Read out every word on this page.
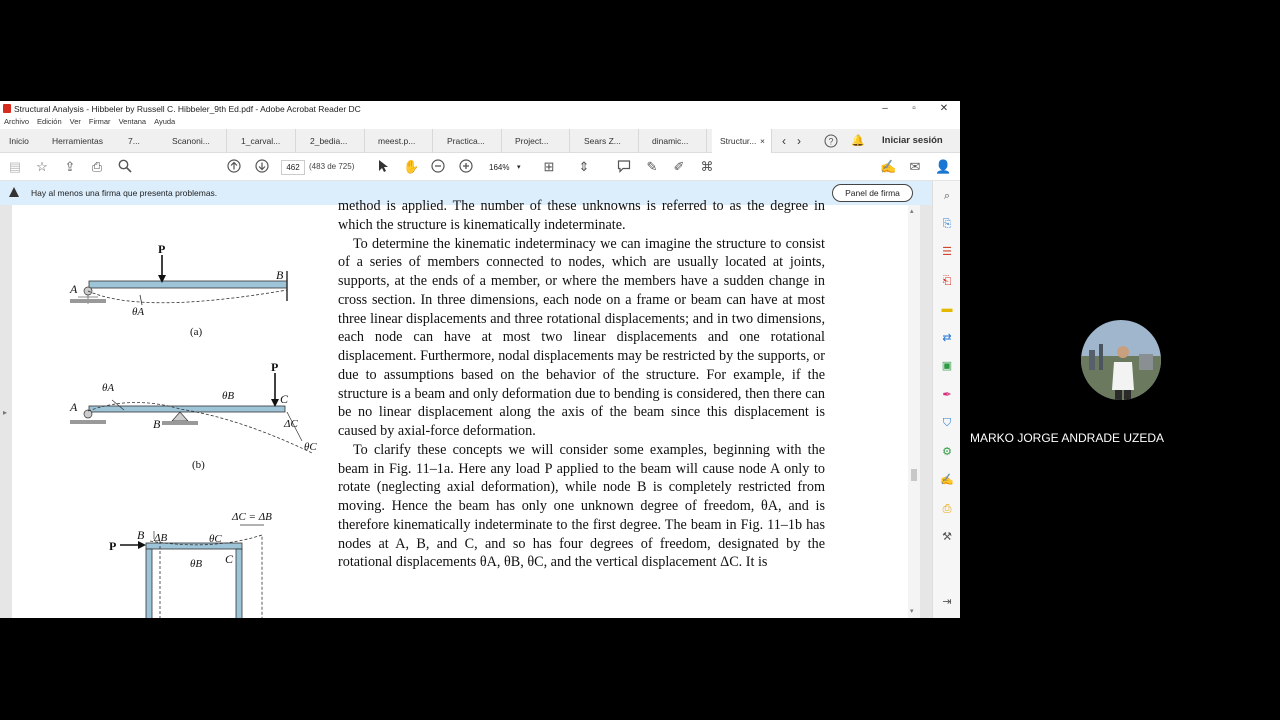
Structural Analysis - Hibbeler by Russell C. Hibbeler_9th Ed.pdf - Adobe Acrobat Reader DC	–	▫	✕
Archivo Edición Ver Firmar Ventana Ayuda
Inicio	Herramientas	7...	Scanoni...	1_carval...	2_bedia...	meest.p...	Practica...	Project...	Sears Z...	dinamic...	Structur... × ‹ ›	? 🔔 Iniciar sesión
▤ ☆ ⇪ ⎙	462	(483 de 725)	✋	164% ▾ ⊞ ⇕	✎ ✐ ⌘	✍ ✉ 👤
Hay al menos una firma que presenta problemas.	Panel de firma	⌕
⎘
☰
⎗
▬
⇄
▣
✒
⛉
⚙
✍
⎙
⚒
⇥
▸

method is applied. The number of these unknowns is referred to as the degree in which the structure is kinematically indeterminate.

To determine the kinematic indeterminacy we can imagine the structure to consist of a series of members connected to nodes, which are usually located at joints, supports, at the ends of a member, or where the members have a sudden change in cross section. In three dimensions, each node on a frame or beam can have at most three linear displacements and three rotational displacements; and in two dimensions, each node can have at most two linear displacements and one rotational displacement. Furthermore, nodal displacements may be restricted by the supports, or due to assumptions based on the behavior of the structure. For example, if the structure is a beam and only deformation due to bending is considered, then there can be no linear displacement along the axis of the beam since this displacement is caused by axial-force deformation.

To clarify these concepts we will consider some examples, beginning with the beam in Fig. 11–1a. Here any load P applied to the beam will cause node A only to rotate (neglecting axial deformation), while node B is completely restricted from moving. Hence the beam has only one unknown degree of freedom, θA, and is therefore kinematically indeterminate to the first degree. The beam in Fig. 11–1b has nodes at A, B, and C, and so has four degrees of freedom, designated by the rotational displacements θA, θB, θC, and the vertical displacement ΔC. It is

P
A
B
θA
(a)
P
A
B
C
θA
θB
θC
ΔC
(b)
P
B
C
ΔB
ΔC = ΔB
θB
θC
▴
▾
MARKO JORGE ANDRADE UZEDA
